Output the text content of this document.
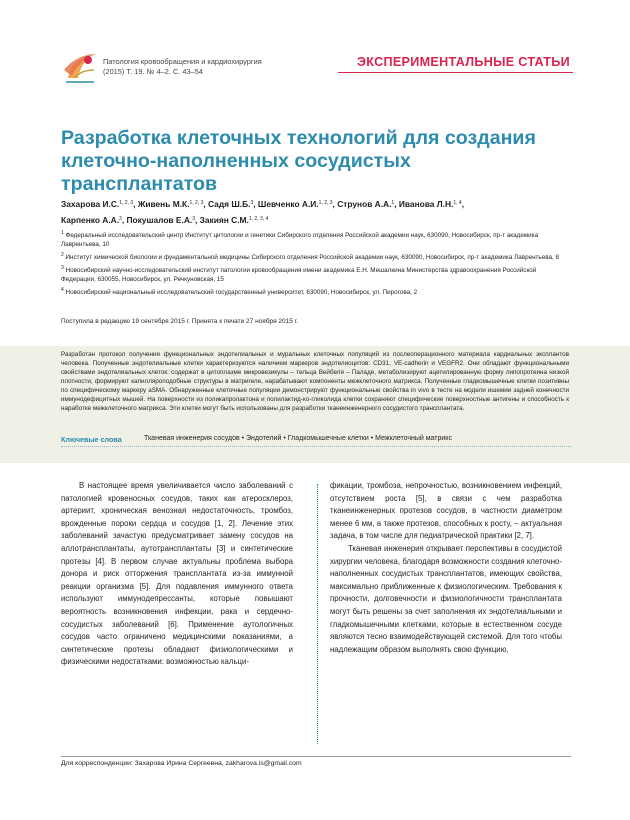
Патология кровообращения и кардиохирургия
(2015) Т. 19. № 4–2. С. 43–54
ЭКСПЕРИМЕНТАЛЬНЫЕ СТАТЬИ
Разработка клеточных технологий для создания
клеточно-наполненных сосудистых трансплантатов
Захарова И.С.$^{1, 2, 3}$, Живень М.К.$^{1, 2, 3}$, Садя Ш.Б.$^3$, Шевченко А.И.$^{1, 2, 3}$, Струнов А.А.$^1$, Иванова Л.Н.$^{1, 4}$,
Карпенко А.А.$^3$, Покушалов Е.А.$^3$, Закиян С.М.$^{1, 2, 3, 4}$

$^1$ Федеральный исследовательский центр Институт цитологии и генетики Сибирского отделения Российской академии наук, 630090, Новосибирск, пр-т академика Лаврентьева, 10

$^2$ Институт химической биологии и фундаментальной медицины Сибирского отделения Российской академии наук, 630090, Новосибирск, пр-т академика Лаврентьева, 8

$^3$ Новосибирский научно-исследовательский институт патологии кровообращения имени академика Е.Н. Мешалкина Министерства здравоохранения Российской Федерации, 630055, Новосибирск, ул. Речкуновская, 15

$^4$ Новосибирский национальный исследовательский государственный университет, 630090, Новосибирск, ул. Пирогова, 2

Поступила в редакцию 19 сентября 2015 г. Принята к печати 27 ноября 2015 г.

Разработан протокол получения функциональных эндотелиальных и муральных клеточных популяций из послеоперационного материала кардиальных эксплантов человека. Полученные эндотелиальные клетки характеризуются наличием маркеров эндотелиоцитов: CD31, VE-cadherin и VEGFR2. Они обладают функциональными свойствами эндотелиальных клеток: содержат в цитоплазме микровезикулы – тельца Вейбеля – Паладе, метаболизируют ацетилированную форму липопротеина низкой плотности, формируют капилляроподобные структуры в матригеле, нарабатывают компоненты межклеточного матрикса. Полученные гладкомышечные клетки позитивны по специфическому маркеру aSMA. Обнаруженные клеточные популяции демонстрируют функциональные свойства in vivo в тесте на модели ишемии задней конечности иммунодефицитных мышей. На поверхности из поликапролактона и полилактид-ко-гликолида клетки сохраняют специфические поверхностные антигены и способность к наработке межклеточного матрикса. Эти клетки могут быть использованы для разработки тканеинженерного сосудистого трансплантата.

Ключевые слова	Тканевая инженерия сосудов • Эндотелий • Гладкомышечные клетки • Межклеточный матрикс

В настоящее время увеличивается число заболеваний с патологией кровеносных сосудов, таких как атеросклероз, артериит, хроническая венозная недостаточность, тромбоз, врожденные пороки сердца и сосудов [1, 2]. Лечение этих заболеваний зачастую предусматривает замену сосудов на аллотрансплантаты, аутотрансплантаты [3] и синтетические протезы [4]. В первом случае актуальны проблема выбора донора и риск отторжения трансплантата из-за иммунной реакции организма [5]. Для подавления иммунного ответа используют иммунодепрессанты, которые повышают вероятность возникновения инфекции, рака и сердечно-сосудистых заболеваний [6]. Применение аутологичных сосудов часто ограничено медицинскими показаниями, а синтетические протезы обладают физиологическими и физическими недостатками: возможностью кальци-

фикации, тромбоза, непрочностью, возникновением инфекций, отсутствием роста [5], в связи с чем разработка тканеинженерных протезов сосудов, в частности диаметром менее 6 мм, а также протезов, способных к росту, – актуальная задача, в том числе для педиатрической практики [2, 7].

Тканевая инженерия открывает перспективы в сосудистой хирургии человека, благодаря возможности создания клеточно-наполненных сосудистых трансплантатов, имеющих свойства, максимально приближенные к физиологическим. Требования к прочности, долговечности и физиологичности трансплантата могут быть решены за счет заполнения их эндотелиальными и гладкомышечными клетками, которые в естественном сосуде являются тесно взаимодействующей системой. Для того чтобы надлежащим образом выполнять свою функцию,

Для корреспонденции: Захарова Ирина Сергеевна, zakharova.is@gmail.com
